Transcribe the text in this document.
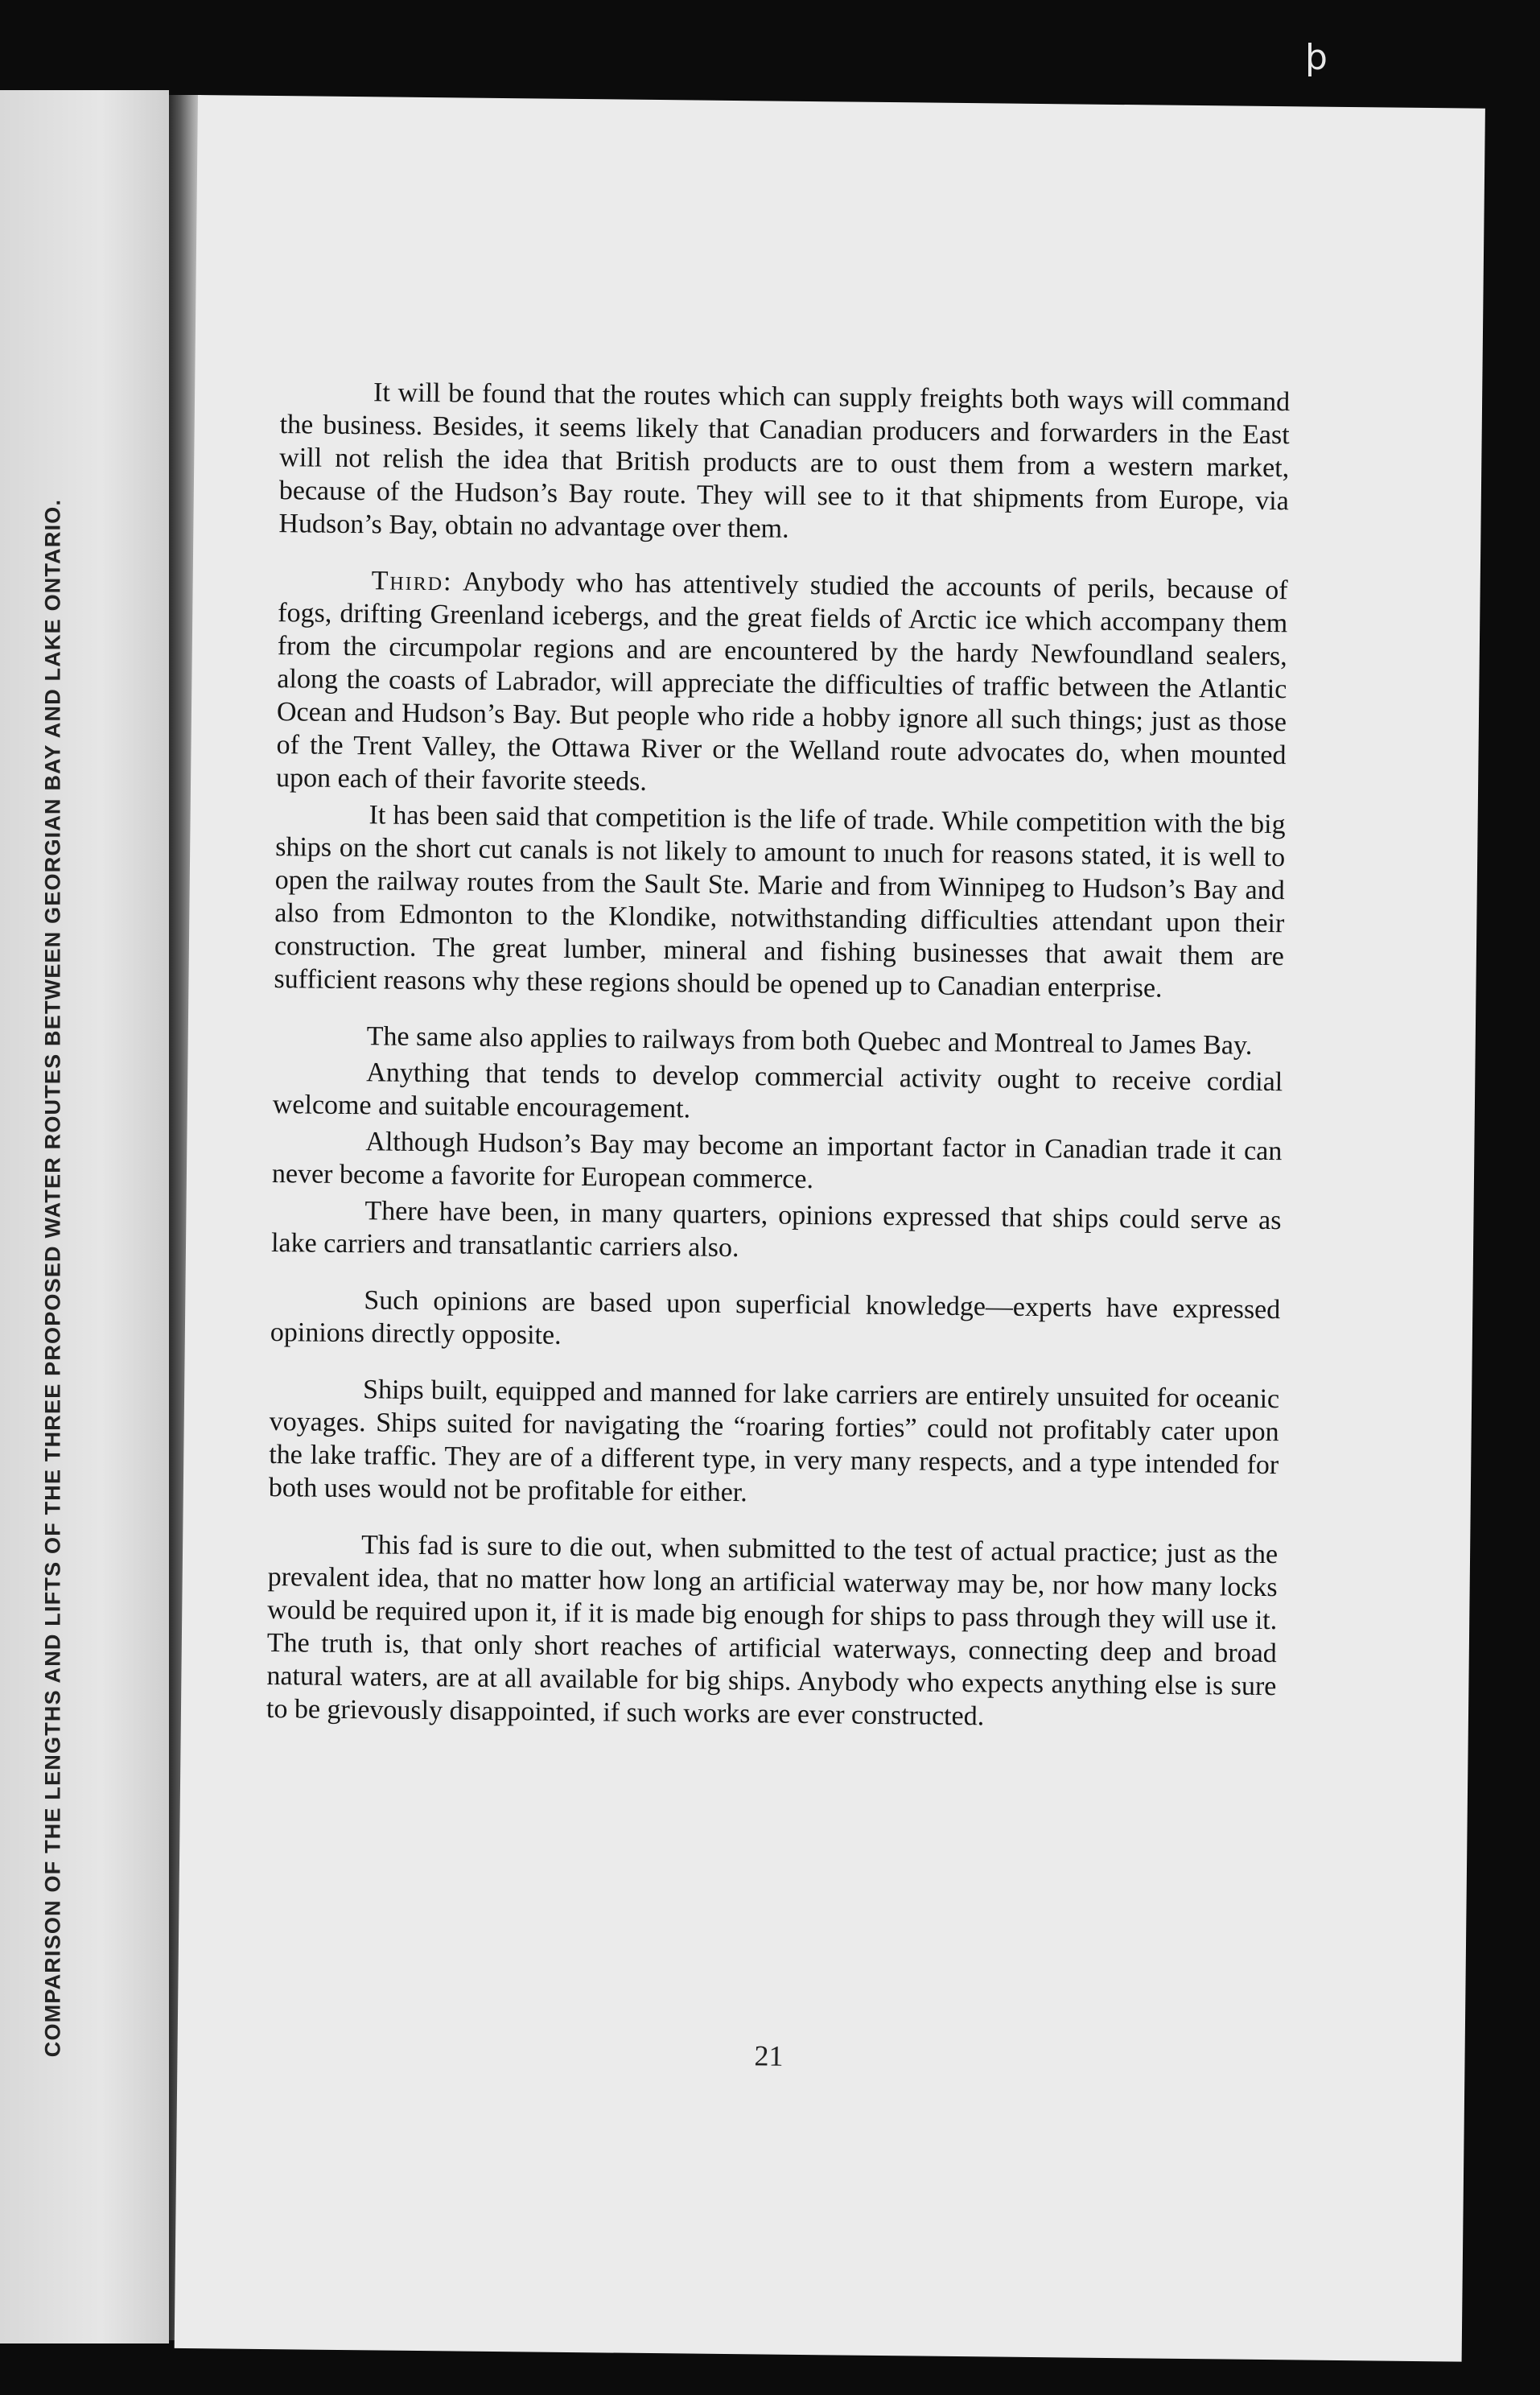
COMPARISON OF THE LENGTHS AND LIFTS OF THE THREE PROPOSED WATER ROUTES BETWEEN GEORGIAN BAY AND LAKE ONTARIO.
þ

It will be found that the routes which can supply freights both ways will command the business. Besides, it seems likely that Canadian producers and forwarders in the East will not relish the idea that British products are to oust them from a western market, because of the Hudson’s Bay route. They will see to it that shipments from Europe, via Hudson’s Bay, obtain no advantage over them.

Third: Anybody who has attentively studied the accounts of perils, because of fogs, drifting Greenland icebergs, and the great fields of Arctic ice which accompany them from the circumpolar regions and are encountered by the hardy Newfoundland sealers, along the coasts of Labrador, will appreciate the difficulties of traffic between the Atlantic Ocean and Hudson’s Bay. But people who ride a hobby ignore all such things; just as those of the Trent Valley, the Ottawa River or the Welland route advocates do, when mounted upon each of their favorite steeds.

It has been said that competition is the life of trade. While competition with the big ships on the short cut canals is not likely to amount to ınuch for reasons stated, it is well to open the railway routes from the Sault Ste. Marie and from Winnipeg to Hudson’s Bay and also from Edmonton to the Klondike, notwithstanding difficulties attendant upon their construction. The great lumber, mineral and fishing businesses that await them are sufficient reasons why these regions should be opened up to Canadian enterprise.

The same also applies to railways from both Quebec and Montreal to James Bay.

Anything that tends to develop commercial activity ought to receive cordial welcome and suitable encouragement.

Although Hudson’s Bay may become an important factor in Canadian trade it can never become a favorite for European commerce.

There have been, in many quarters, opinions expressed that ships could serve as lake carriers and transatlantic carriers also.

Such opinions are based upon superficial knowledge—experts have expressed opinions directly opposite.

Ships built, equipped and manned for lake carriers are entirely unsuited for oceanic voyages. Ships suited for navigating the “roaring forties” could not profitably cater upon the lake traffic. They are of a different type, in very many respects, and a type intended for both uses would not be profitable for either.

This fad is sure to die out, when submitted to the test of actual practice; just as the prevalent idea, that no matter how long an artificial waterway may be, nor how many locks would be required upon it, if it is made big enough for ships to pass through they will use it. The truth is, that only short reaches of artificial waterways, connecting deep and broad natural waters, are at all available for big ships. Anybody who expects anything else is sure to be grievously disappointed, if such works are ever constructed.

21
